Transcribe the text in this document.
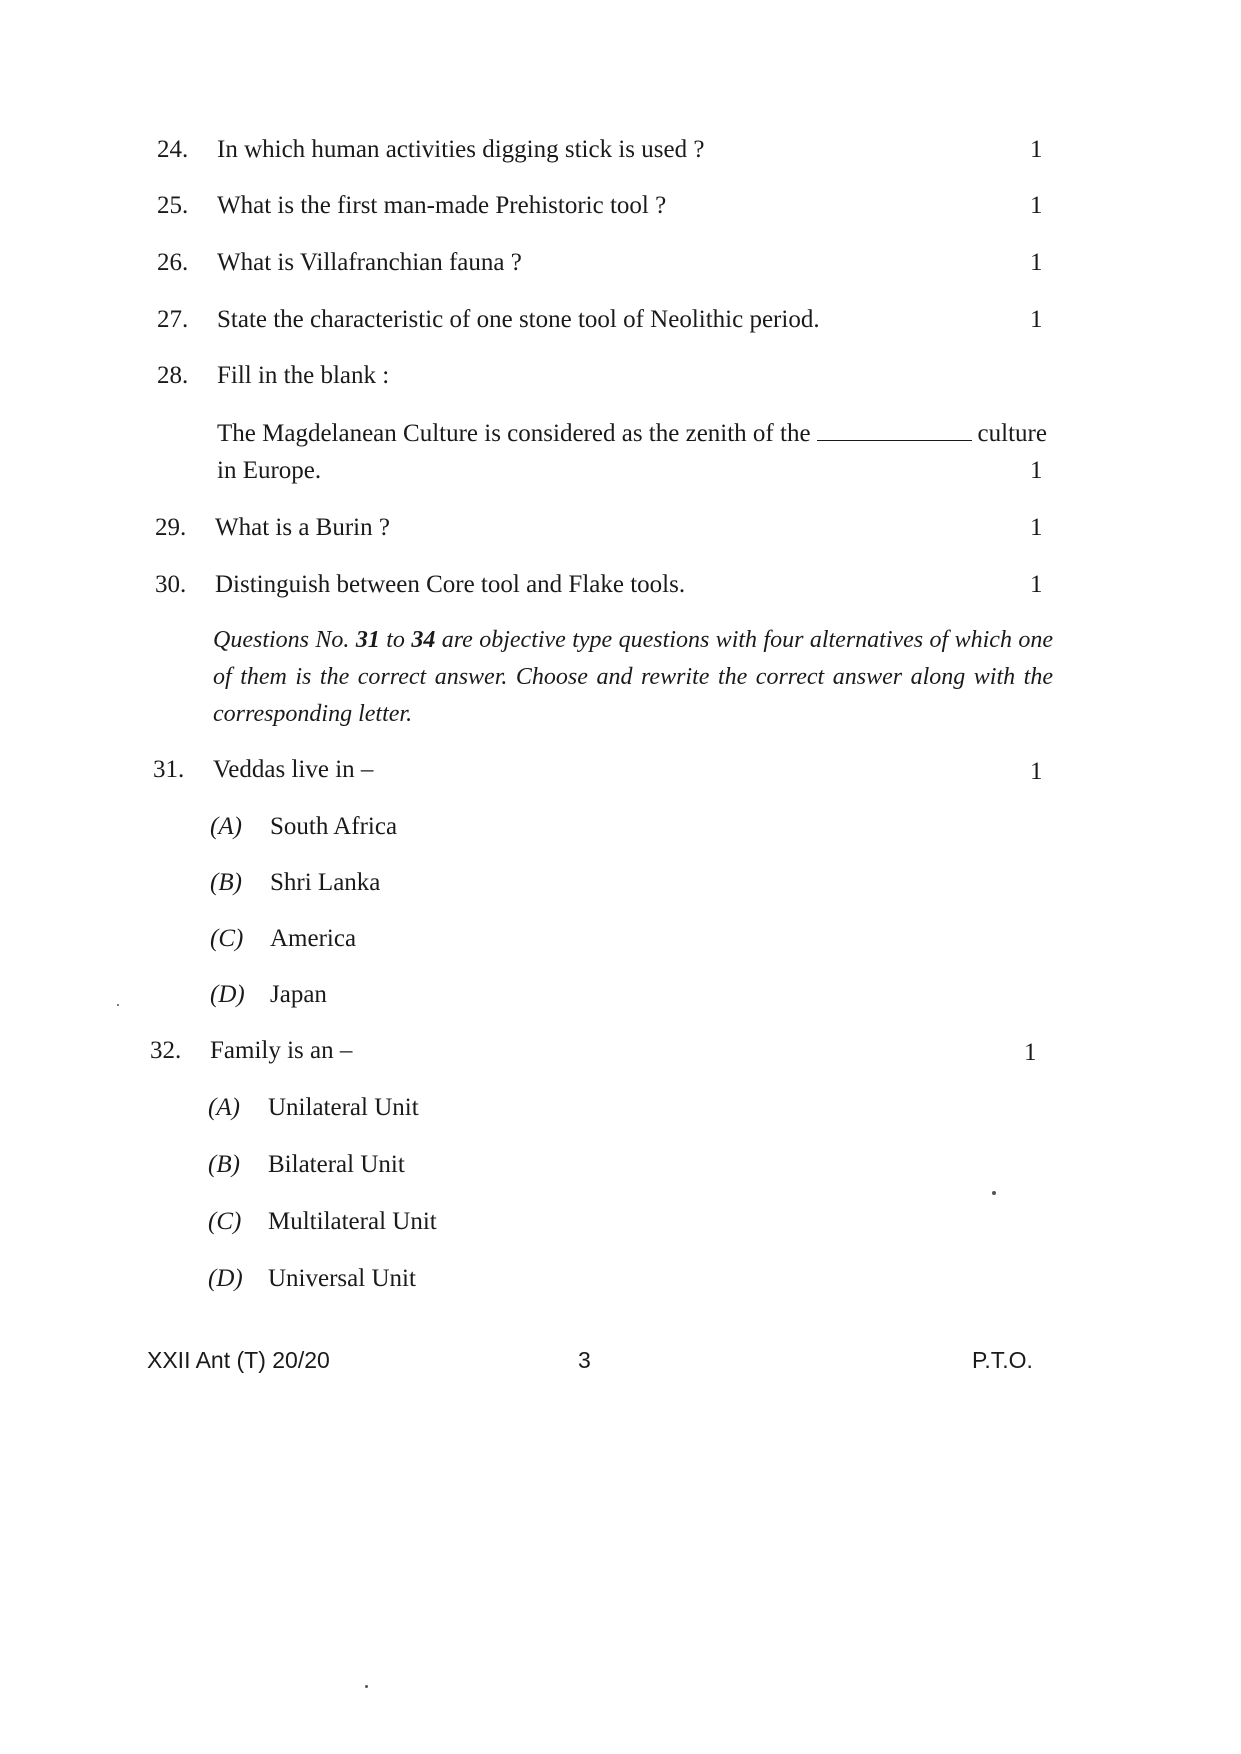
24.	In which human activities digging stick is used ?	1
25.	What is the first man-made Prehistoric tool ?	1
26.	What is Villafranchian fauna ?	1
27.	State the characteristic of one stone tool of Neolithic period.	1
28.	Fill in the blank :
The Magdelanean Culture is considered as the zenith of the	culture
in Europe.	1
29.	What is a Burin ?	1
30.	Distinguish between Core tool and Flake tools.	1
Questions No. 31 to 34 are objective type questions with four alternatives of which one of them is the correct answer. Choose and rewrite the correct answer along with the corresponding letter.
31.	Veddas live in –	1
(A) South Africa
(B) Shri Lanka
(C) America
(D) Japan
32.	Family is an –	1
(A) Unilateral Unit
(B) Bilateral Unit
(C) Multilateral Unit
(D) Universal Unit
XXII Ant (T) 20/20	3	P.T.O.
